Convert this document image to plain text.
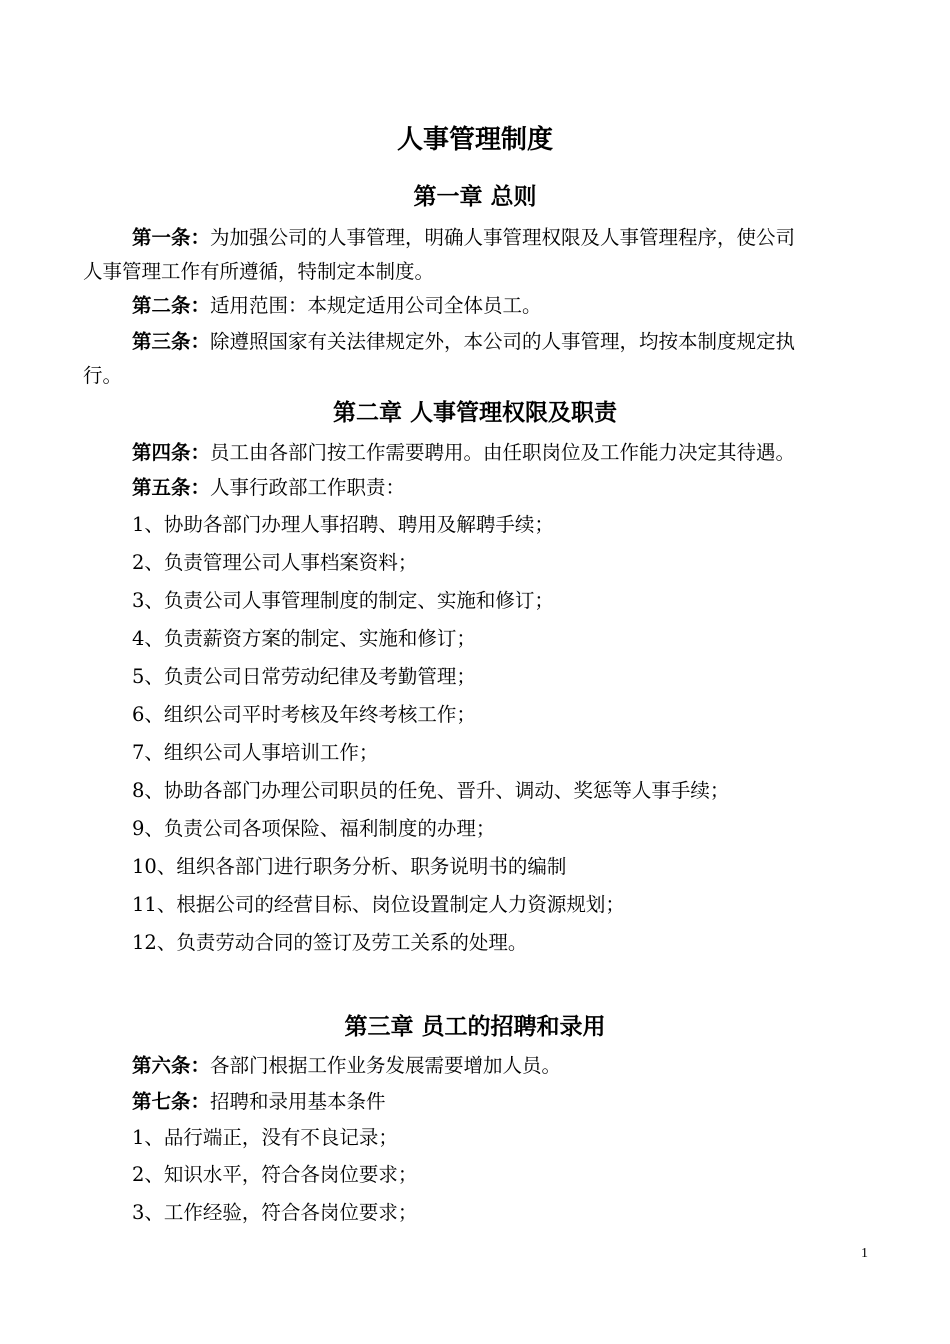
人事管理制度
第一章 总则
第一条：为加强公司的人事管理，明确人事管理权限及人事管理程序，使公司
人事管理工作有所遵循，特制定本制度。
第二条：适用范围：本规定适用公司全体员工。
第三条：除遵照国家有关法律规定外，本公司的人事管理，均按本制度规定执
行。
第二章 人事管理权限及职责
第四条：员工由各部门按工作需要聘用。由任职岗位及工作能力决定其待遇。
第五条：人事行政部工作职责：
1、协助各部门办理人事招聘、聘用及解聘手续；
2、负责管理公司人事档案资料；
3、负责公司人事管理制度的制定、实施和修订；
4、负责薪资方案的制定、实施和修订；
5、负责公司日常劳动纪律及考勤管理；
6、组织公司平时考核及年终考核工作；
7、组织公司人事培训工作；
8、协助各部门办理公司职员的任免、晋升、调动、奖惩等人事手续；
9、负责公司各项保险、福利制度的办理；
10、组织各部门进行职务分析、职务说明书的编制
11、根据公司的经营目标、岗位设置制定人力资源规划；
12、负责劳动合同的签订及劳工关系的处理。
第三章 员工的招聘和录用
第六条：各部门根据工作业务发展需要增加人员。
第七条：招聘和录用基本条件
1、品行端正，没有不良记录；
2、知识水平，符合各岗位要求；
3、工作经验，符合各岗位要求；
1
